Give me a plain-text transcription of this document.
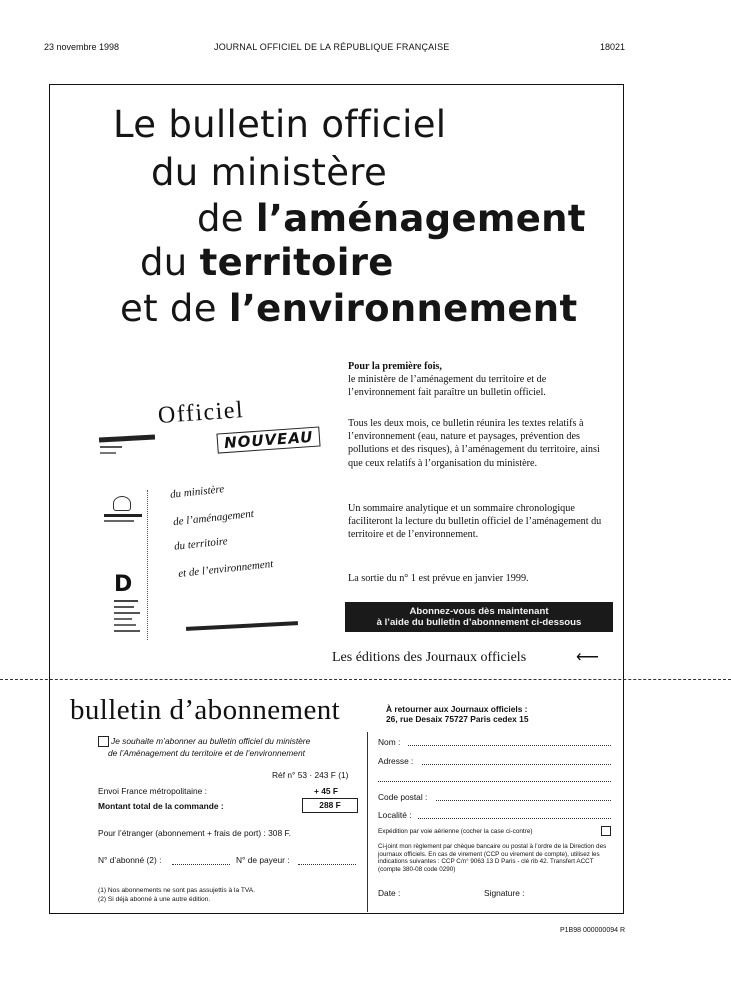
23 novembre 1998	JOURNAL OFFICIEL DE LA RÉPUBLIQUE FRANÇAISE	18021
Le bulletin officiel
du ministère
de l’aménagement
du territoire
et de l’environnement
Officiel
NOUVEAU
du ministère
de l’aménagement
du territoire
et de l’environnement
D
Pour la première fois,
le ministère de l’aménagement du territoire et de l’environnement fait paraître un bulletin officiel.
Tous les deux mois, ce bulletin réunira les textes relatifs à l’environnement (eau, nature et paysages, prévention des pollutions et des risques), à l’aménagement du territoire, ainsi que ceux relatifs à l’organisation du ministère.
Un sommaire analytique et un sommaire chronologique faciliteront la lecture du bulletin officiel de l’aménagement du territoire et de l’environnement.
La sortie du n° 1 est prévue en janvier 1999.
Abonnez-vous dès maintenant
à l’aide du bulletin d’abonnement ci-dessous
Les éditions des Journaux officiels	⟵
bulletin d’abonnement	À retourner aux Journaux officiels :
26, rue Desaix 75727 Paris cedex 15
Je souhaite m’abonner au bulletin officiel du ministère
de l’Aménagement du territoire et de l’environnement
Réf n° 53 · 243 F (1)
Envoi France métropolitaine :	+ 45 F
Montant total de la commande :	288 F
Pour l’étranger (abonnement + frais de port) : 308 F.
N° d’abonné (2) :	N° de payeur :
(1) Nos abonnements ne sont pas assujettis à la TVA.
(2) Si déjà abonné à une autre édition.
Nom :
Adresse :
Code postal :
Localité :
Expédition par voie aérienne (cocher la case ci-contre)
Ci-joint mon règlement par chèque bancaire ou postal à l’ordre de la Direction des journaux officiels. En cas de virement (CCP ou virement de compte), utilisez les indications suivantes : CCP C/n° 9063 13 D Paris - clé rib 42. Transfert ACCT (compte 380-08 code 0290)
Date :	Signature :
P1B98 000000094 R
